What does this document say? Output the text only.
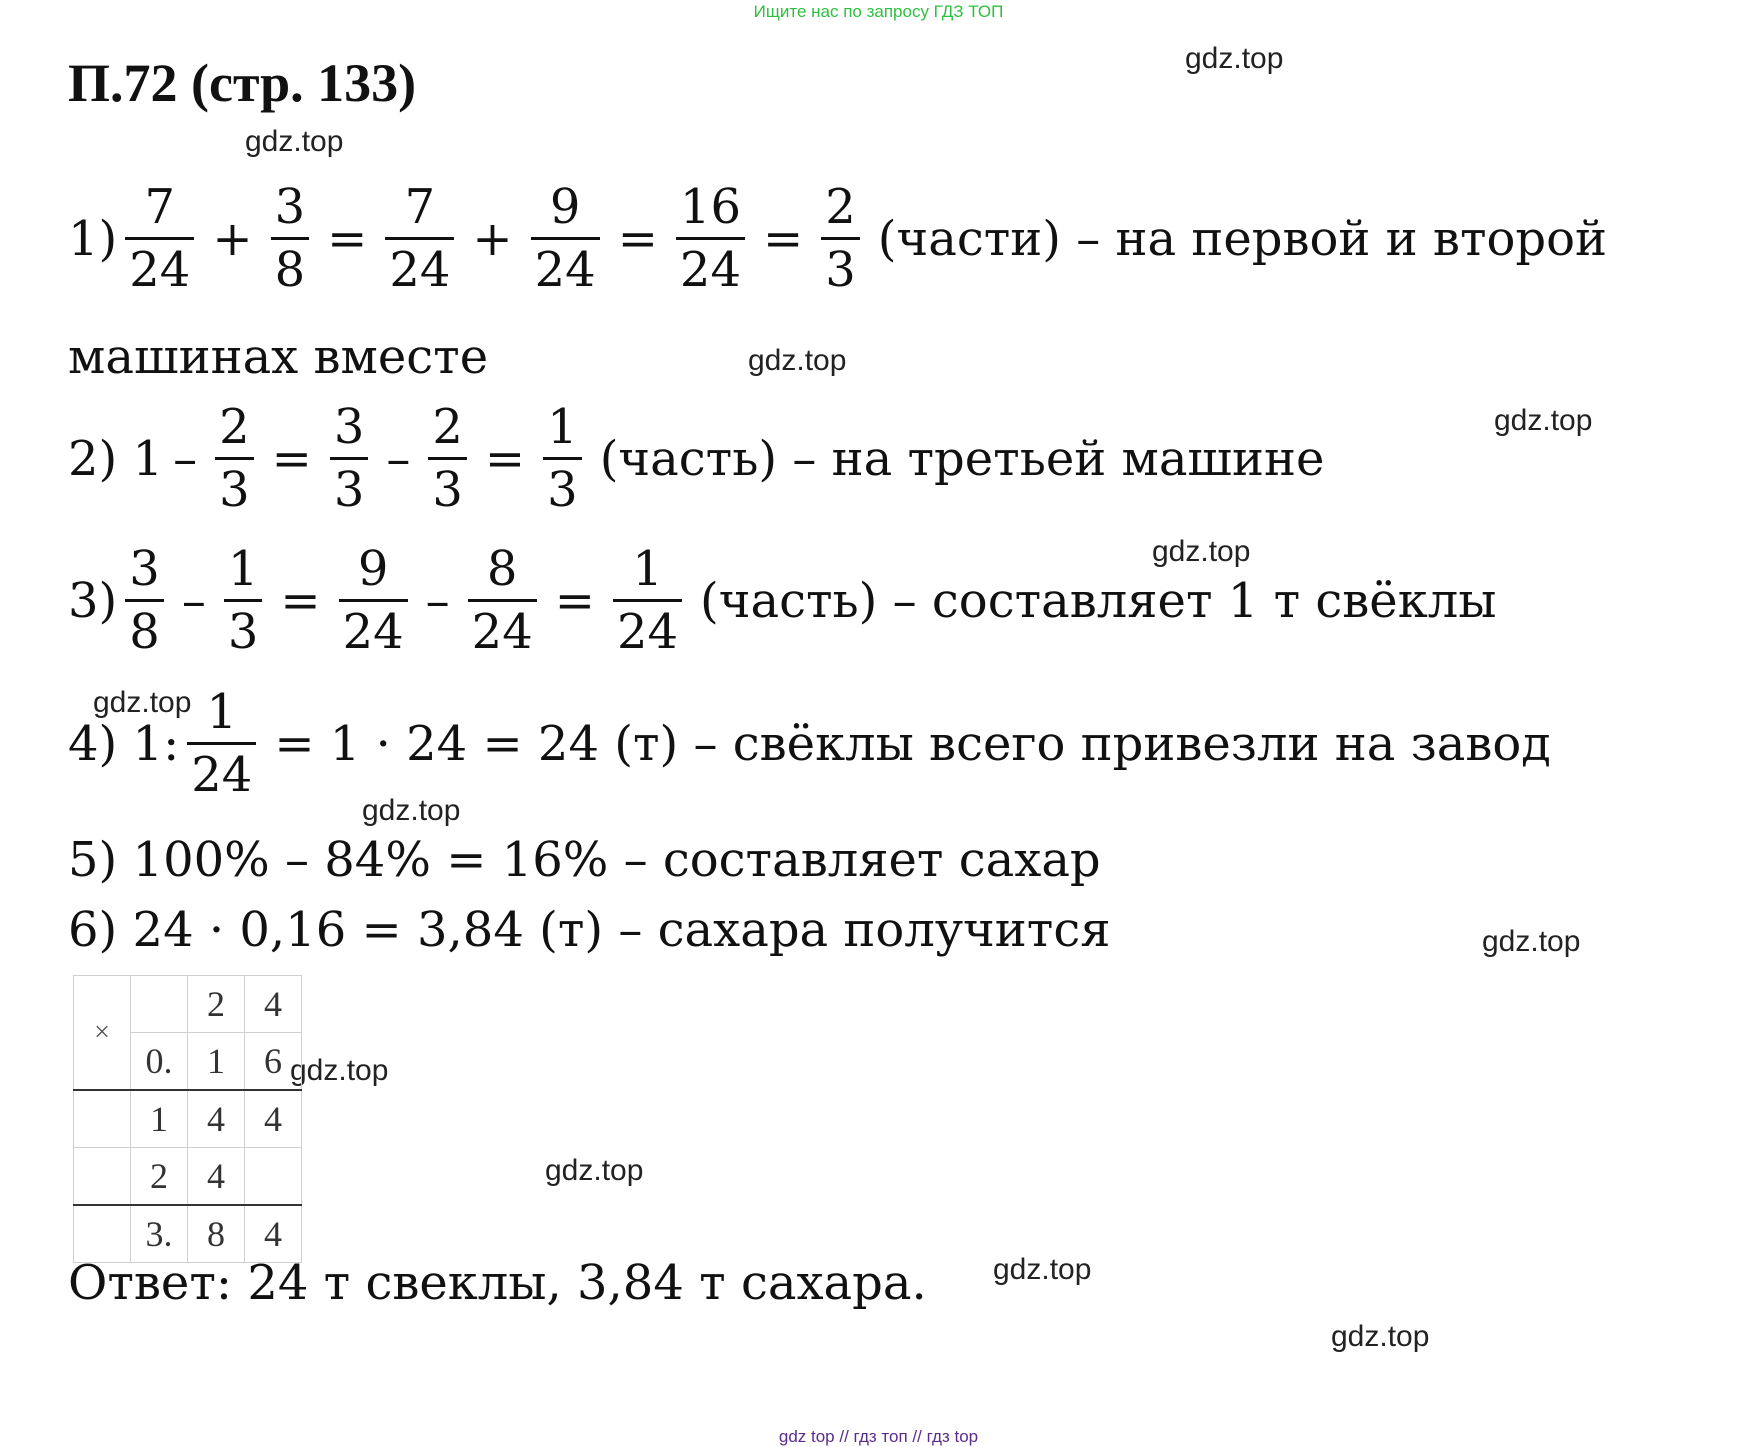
Ищите нас по запросу ГДЗ ТОП
П.72 (стр. 133)	gdz.top
gdz.top
gdz.top
gdz.top
gdz.top
gdz.top
gdz.top
gdz.top
gdz.top
gdz.top
gdz.top
gdz.top
$1) \frac{7}{24} + \frac{3}{8} = \frac{7}{24} + \frac{9}{24} = \frac{16}{24} = \frac{2}{3}$ (части) – на первой и второй
машинах вместе
2) $1 - \frac{2}{3} = \frac{3}{3} - \frac{2}{3} = \frac{1}{3}$ (часть) – на третьей машине
$3) \frac{3}{8} - \frac{1}{3} = \frac{9}{24} - \frac{8}{24} = \frac{1}{24}$ (часть) – составляет 1 т свёклы
4) 1: $\frac{1}{24} = 1 \cdot 24 = 24$ (т) – свёклы всего привезли на завод
5) 100% – 84% = 16% – составляет сахар
6) 24 · 0,16 = 3,84 (т) – сахара получится
×		2	4
	0.	1	6
	1	4	4
	2	4	
	3.	8	4
Ответ: 24 т свеклы, 3,84 т сахара.
gdz top // гдз топ // гдз top
